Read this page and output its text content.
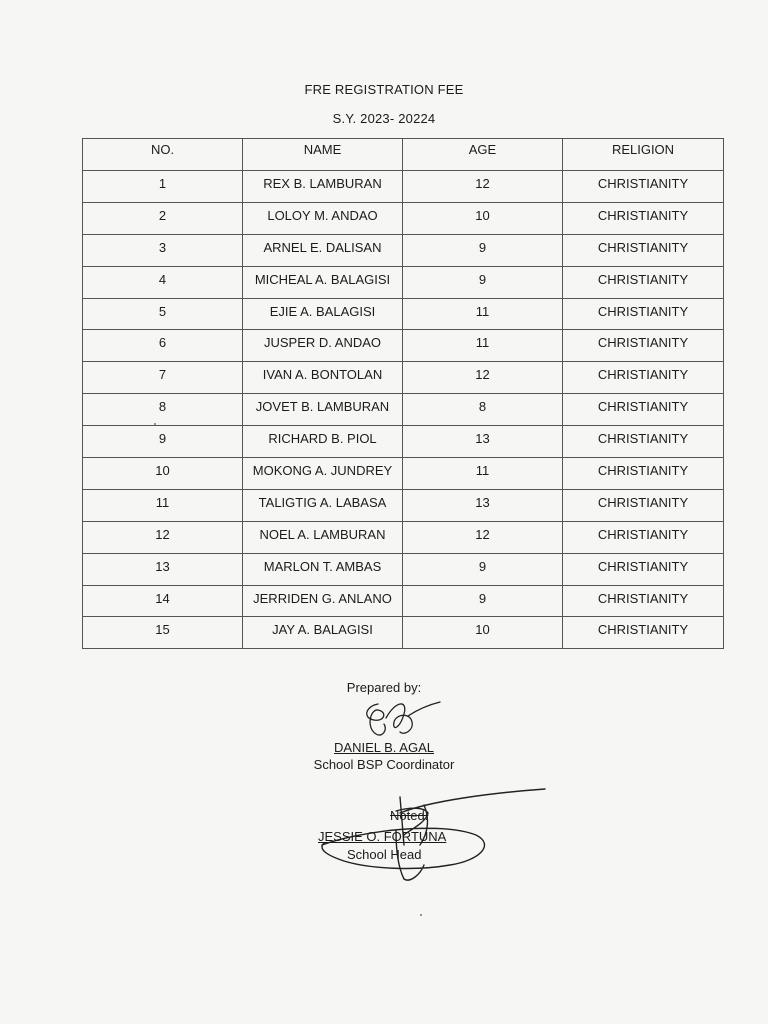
FRE REGISTRATION FEE
S.Y. 2023- 20224
NO.	NAME	AGE	RELIGION
1	REX B. LAMBURAN	12	CHRISTIANITY
2	LOLOY M. ANDAO	10	CHRISTIANITY
3	ARNEL E. DALISAN	9	CHRISTIANITY
4	MICHEAL A. BALAGISI	9	CHRISTIANITY
5	EJIE A. BALAGISI	11	CHRISTIANITY
6	JUSPER D. ANDAO	11	CHRISTIANITY
7	IVAN A. BONTOLAN	12	CHRISTIANITY
8	JOVET B. LAMBURAN	8	CHRISTIANITY
9	RICHARD B. PIOL	13	CHRISTIANITY
10	MOKONG A. JUNDREY	11	CHRISTIANITY
11	TALIGTIG A. LABASA	13	CHRISTIANITY
12	NOEL A. LAMBURAN	12	CHRISTIANITY
13	MARLON T. AMBAS	9	CHRISTIANITY
14	JERRIDEN G. ANLANO	9	CHRISTIANITY
15	JAY A. BALAGISI	10	CHRISTIANITY
Prepared by:
DANIEL B. AGAL
School BSP Coordinator
Noted:
JESSIE O. FORTUNA
School Head
